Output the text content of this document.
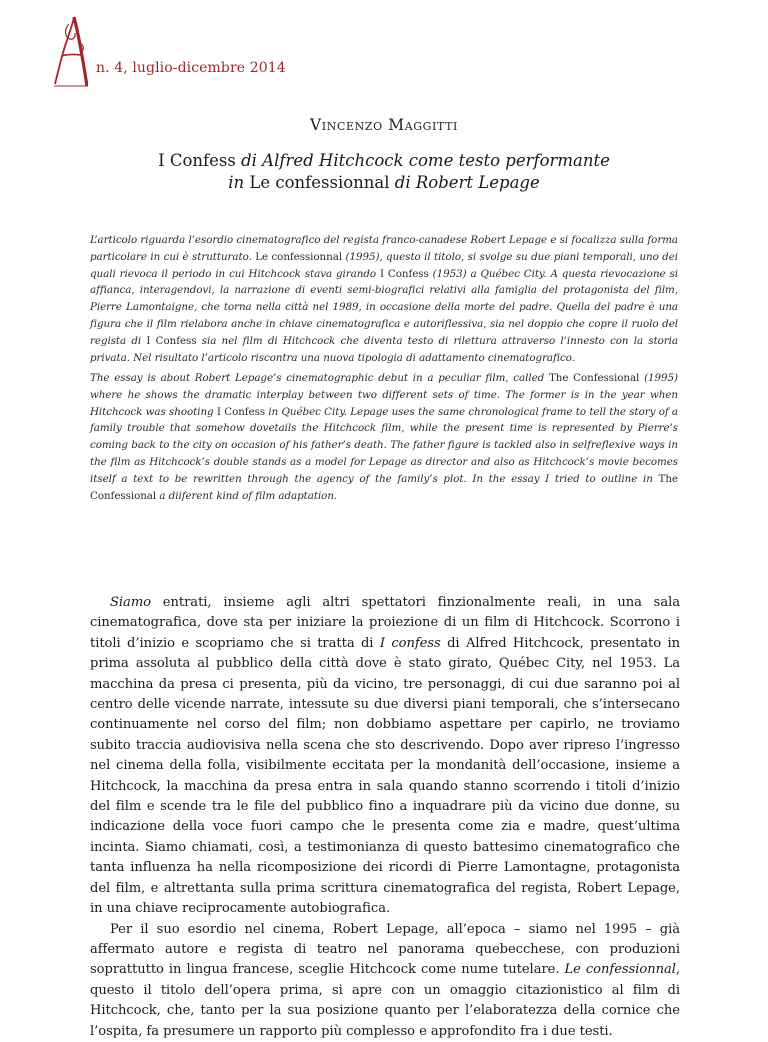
n. 4, luglio-dicembre 2014
Vincenzo Maggitti
I Confess di Alfred Hitchcock come testo performante
in Le confessionnal di Robert Lepage
L’articolo riguarda l’esordio cinematografico del regista franco-canadese Robert Lepage e si focalizza sulla forma particolare in cui è strutturato. Le confessionnal (1995), questo il titolo, si svolge su due piani temporali, uno dei quali rievoca il periodo in cui Hitchcock stava girando I Confess (1953) a Québec City. A questa rievocazione si affianca, interagendovi, la narrazione di eventi semi-biografici relativi alla famiglia del protagonista del film, Pierre Lamontaigne, che torna nella città nel 1989, in occasione della morte del padre. Quella del padre è una figura che il film rielabora anche in chiave cinematografica e autoriflessiva, sia nel doppio che copre il ruolo del regista di I Confess sia nel film di Hitchcock che diventa testo di rilettura attraverso l’innesto con la storia privata. Nel risultato l’articolo riscontra una nuova tipologia di adattamento cinematografico.
The essay is about Robert Lepage’s cinematographic debut in a peculiar film, called The Confessional (1995) where he shows the dramatic interplay between two different sets of time. The former is in the year when Hitchcock was shooting I Confess in Québec City. Lepage uses the same chronological frame to tell the story of a family trouble that somehow dovetails the Hitchcock film, while the present time is represented by Pierre’s coming back to the city on occasion of his father’s death. The father figure is tackled also in selfreflexive ways in the film as Hitchcock’s double stands as a model for Lepage as director and also as Hitchcock’s movie becomes itself a text to be rewritten through the agency of the family’s plot. In the essay I tried to outline in The Confessional a diiferent kind of film adaptation.

Siamo entrati, insieme agli altri spettatori finzionalmente reali, in una sala cinematografica, dove sta per iniziare la proiezione di un film di Hitchcock. Scorrono i titoli d’inizio e scopriamo che si tratta di I confess di Alfred Hitchcock, presentato in prima assoluta al pubblico della città dove è stato girato, Québec City, nel 1953. La macchina da presa ci presenta, più da vicino, tre personaggi, di cui due saranno poi al centro delle vicende narrate, intessute su due diversi piani temporali, che s’intersecano continuamente nel corso del film; non dobbiamo aspettare per capirlo, ne troviamo subito traccia audiovisiva nella scena che sto descrivendo. Dopo aver ripreso l’ingresso nel cinema della folla, visibilmente eccitata per la mondanità dell’occasione, insieme a Hitchcock, la macchina da presa entra in sala quando stanno scorrendo i titoli d’inizio del film e scende tra le file del pubblico fino a inquadrare più da vicino due donne, su indicazione della voce fuori campo che le presenta come zia e madre, quest’ultima incinta. Siamo chiamati, così, a testimonianza di questo battesimo cinematografico che tanta influenza ha nella ricomposizione dei ricordi di Pierre Lamontagne, protagonista del film, e altrettanta sulla prima scrittura cinematografica del regista, Robert Lepage, in una chiave reciprocamente autobiografica.

Per il suo esordio nel cinema, Robert Lepage, all’epoca – siamo nel 1995 – già affermato autore e regista di teatro nel panorama quebecchese, con produzioni soprattutto in lingua francese, sceglie Hitchcock come nume tutelare. Le confessionnal, questo il titolo dell’opera prima, si apre con un omaggio citazionistico al film di Hitchcock, che, tanto per la sua posizione quanto per l’elaboratezza della cornice che l’ospita, fa presumere un rapporto più complesso e approfondito fra i due testi.
